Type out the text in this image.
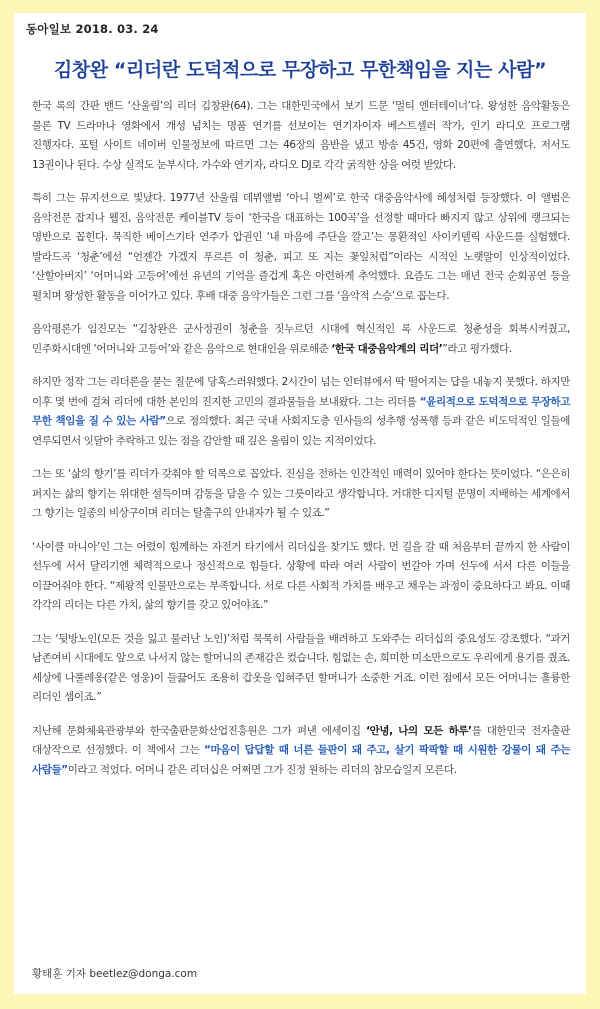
동아일보 2018. 03. 24
김창완 “리더란 도덕적으로 무장하고 무한책임을 지는 사람”

한국 록의 간판 밴드 ‘산울림’의 리더 김창완(64). 그는 대한민국에서 보기 드문 ‘멀티 엔터테이너’다. 왕성한 음악활동은 물론 TV 드라마나 영화에서 개성 넘치는 명품 연기를 선보이는 연기자이자 베스트셀러 작가, 인기 라디오 프로그램 진행자다. 포털 사이트 네이버 인물정보에 따르면 그는 46장의 음반을 냈고 방송 45건, 영화 20편에 출연했다. 저서도 13권이나 된다. 수상 실적도 눈부시다. 가수와 연기자, 라디오 DJ로 각각 굵직한 상을 여럿 받았다.

특히 그는 뮤지션으로 빛났다. 1977년 산울림 데뷔앨범 ‘아니 벌써’로 한국 대중음악사에 혜성처럼 등장했다. 이 앨범은 음악전문 잡지나 웹진, 음악전문 케이블TV 등이 ‘한국을 대표하는 100곡’을 선정할 때마다 빠지지 않고 상위에 랭크되는 명반으로 꼽힌다. 묵직한 베이스기타 연주가 압권인 ‘내 마음에 주단을 깔고’는 몽환적인 사이키델릭 사운드를 실험했다. 발라드곡 ‘청춘’에선 “언젠간 가겠지 푸르른 이 청춘, 피고 또 지는 꽃잎처럼”이라는 시적인 노랫말이 인상적이었다. ‘산할아버지’ ‘어머니와 고등어’에선 유년의 기억을 즐겁게 혹은 아련하게 추억했다. 요즘도 그는 매년 전국 순회공연 등을 펼치며 왕성한 활동을 이어가고 있다. 후배 대중 음악가들은 그런 그를 ‘음악적 스승’으로 꼽는다.

음악평론가 임진모는 “김창완은 군사정권이 청춘을 짓누르던 시대에 혁신적인 록 사운드로 청춘성을 회복시켜줬고, 민주화시대엔 ‘어머니와 고등어’와 같은 음악으로 현대인을 위로해준 ‘한국 대중음악계의 리더’”라고 평가했다.

하지만 정작 그는 리더론을 묻는 질문에 당혹스러워했다. 2시간이 넘는 인터뷰에서 딱 떨어지는 답을 내놓지 못했다. 하지만 이후 몇 번에 걸쳐 리더에 대한 본인의 진지한 고민의 결과물들을 보내왔다. 그는 리더를 “윤리적으로 도덕적으로 무장하고 무한 책임을 질 수 있는 사람”으로 정의했다. 최근 국내 사회지도층 인사들의 성추행 성폭행 등과 같은 비도덕적인 일들에 연루되면서 잇달아 추락하고 있는 점을 감안할 때 깊은 울림이 있는 지적이었다.

그는 또 ‘삶의 향기’를 리더가 갖춰야 할 덕목으로 꼽았다. 진심을 전하는 인간적인 매력이 있어야 한다는 뜻이었다. “은은히 퍼지는 삶의 향기는 위대한 설득이며 감동을 담을 수 있는 그릇이라고 생각합니다. 거대한 디지털 문명이 지배하는 세계에서 그 향기는 일종의 비상구이며 리더는 탈출구의 안내자가 될 수 있죠.”

‘사이클 마니아’인 그는 어렸이 힘께하는 자전거 타기에서 리더십을 찾기도 했다. 먼 길을 갈 때 처음부터 끝까지 한 사람이 선두에 서서 달리기엔 체력적으로나 정신적으로 힘들다. 상황에 따라 여러 사람이 번갈아 가며 선두에 서서 다른 이들을 이끌어줘야 한다. “제왕적 인물만으로는 부족합니다. 서로 다른 사회적 가치를 배우고 채우는 과정이 중요하다고 봐요. 이때 각각의 리더는 다른 가치, 삶의 향기를 갖고 있어야죠.”

그는 ‘뒷방노인(모든 것을 잃고 물러난 노인)’처럼 묵묵히 사람들을 배려하고 도와주는 리더십의 중요성도 강조했다. “과거 남존여비 시대에도 앞으로 나서지 않는 할머니의 존재감은 컸습니다. 힘없는 손, 희미한 미소만으로도 우리에게 용기를 줬죠. 세상에 나풀레옹(같은 영웅)이 들끓어도 조용히 갑옷을 입혀주던 할머니가 소중한 거죠. 이런 점에서 모든 어머니는 훌륭한 리더인 셈이죠.”

지난해 문화체육관광부와 한국출판문화산업진흥원은 그가 펴낸 에세이집 ‘안녕, 나의 모든 하루’를 대한민국 전자출판 대상작으로 선정했다. 이 책에서 그는 “마음이 답답할 때 너른 들판이 돼 주고, 살기 팍팍할 때 시원한 강물이 돼 주는 사람들”이라고 적었다. 어머니 같은 리더십은 어쩌면 그가 진정 원하는 리더의 참모습일지 모른다.

황태훈 기자 beetlez@donga.com
